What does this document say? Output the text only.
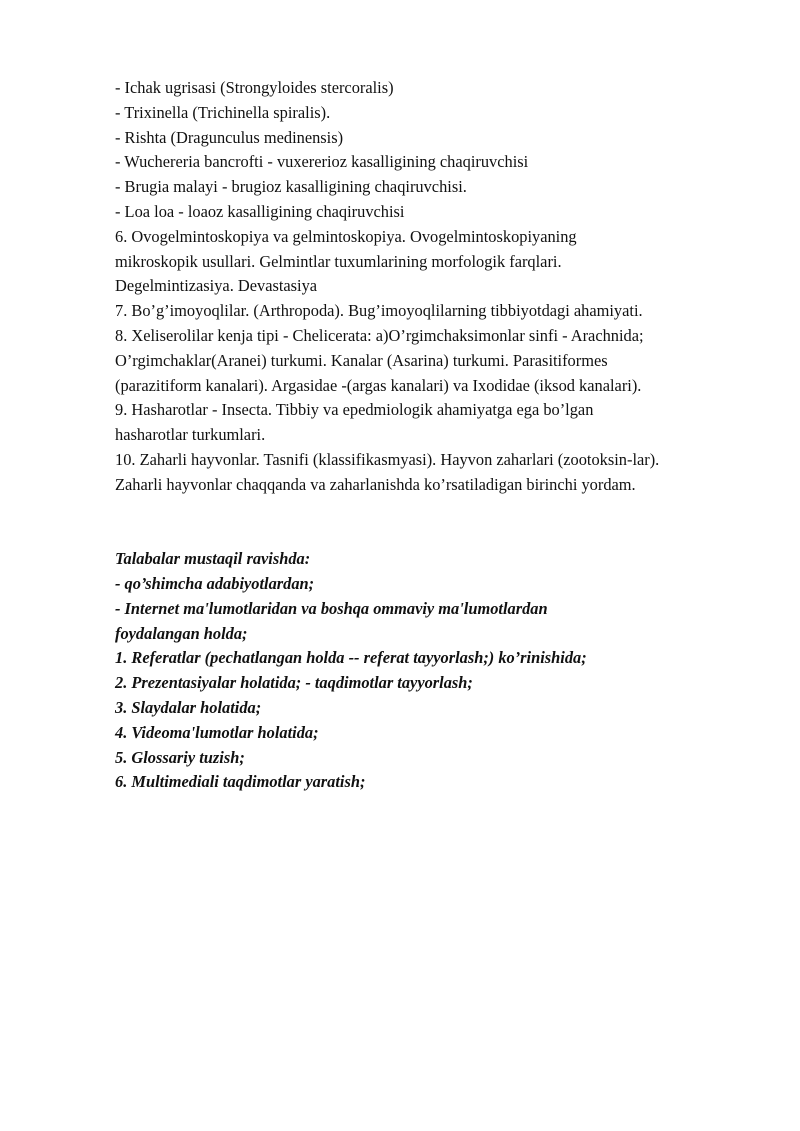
- Ichak ugrisasi (Strongyloides stercoralis)
- Trixinella (Trichinella spiralis).
- Rishta (Dragunculus medinensis)
- Wuchereria bancrofti - vuxererioz kasalligining chaqiruvchisi
- Brugia malayi - brugioz kasalligining chaqiruvchisi.
- Loa loa - loaoz kasalligining chaqiruvchisi
6. Ovogelmintoskopiya va gelmintoskopiya. Ovogelmintoskopiyaning
mikroskopik usullari. Gelmintlar tuxumlarining morfologik farqlari.
Degelmintizasiya. Devastasiya
7. Bo’g’imoyoqlilar. (Arthropoda). Bug’imoyoqlilarning tibbiyotdagi ahamiyati.
8. Xeliserolilar kenja tipi - Chelicerata: a)O’rgimchaksimonlar sinfi - Arachnida;
O’rgimchaklar(Aranei) turkumi. Kanalar (Asarina) turkumi. Parasitiformes
(parazitiform kanalari). Argasidae -(argas kanalari) va Ixodidae (iksod kanalari).
9. Hasharotlar - Insecta. Tibbiy va epedmiologik ahamiyatga ega bo’lgan
hasharotlar turkumlari.
10. Zaharli hayvonlar. Tasnifi (klassifikasmyasi). Hayvon zaharlari (zootoksin-lar).
Zaharli hayvonlar chaqqanda va zaharlanishda ko’rsatiladigan birinchi yordam.
Talabalar mustaqil ravishda:
- qo’shimcha adabiyotlardan;
- Internet ma'lumotlaridan va boshqa ommaviy ma'lumotlardan
foydalangan holda;
1. Referatlar (pechatlangan holda -- referat tayyorlash;) ko’rinishida;
2. Prezentasiyalar holatida; - taqdimotlar tayyorlash;
3. Slaydalar holatida;
4. Videoma'lumotlar holatida;
5. Glossariy tuzish;
6. Multimediali taqdimotlar yaratish;
